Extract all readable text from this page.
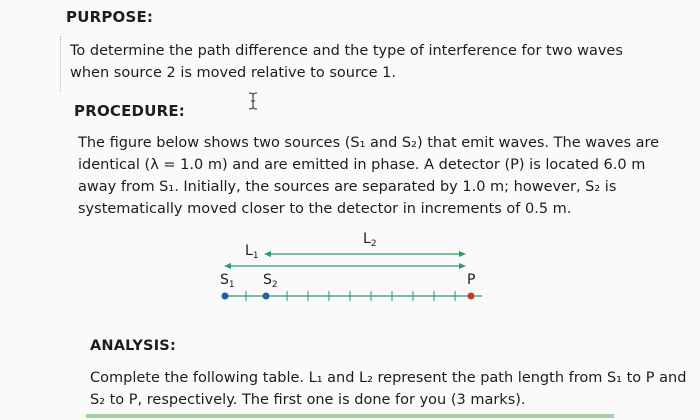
PURPOSE:
To determine the path difference and the type of interference for two waves
when source 2 is moved relative to source 1.
PROCEDURE:
The figure below shows two sources (S₁ and S₂) that emit waves. The waves are
identical (λ = 1.0 m) and are emitted in phase. A detector (P) is located 6.0 m
away from S₁. Initially, the sources are separated by 1.0 m; however, S₂ is
systematically moved closer to the detector in increments of 0.5 m.
$L_1$
$L_2$
$S_1$ $S_2$	P
ANALYSIS:
Complete the following table. L₁ and L₂ represent the path length from S₁ to P and
S₂ to P, respectively. The first one is done for you (3 marks).
